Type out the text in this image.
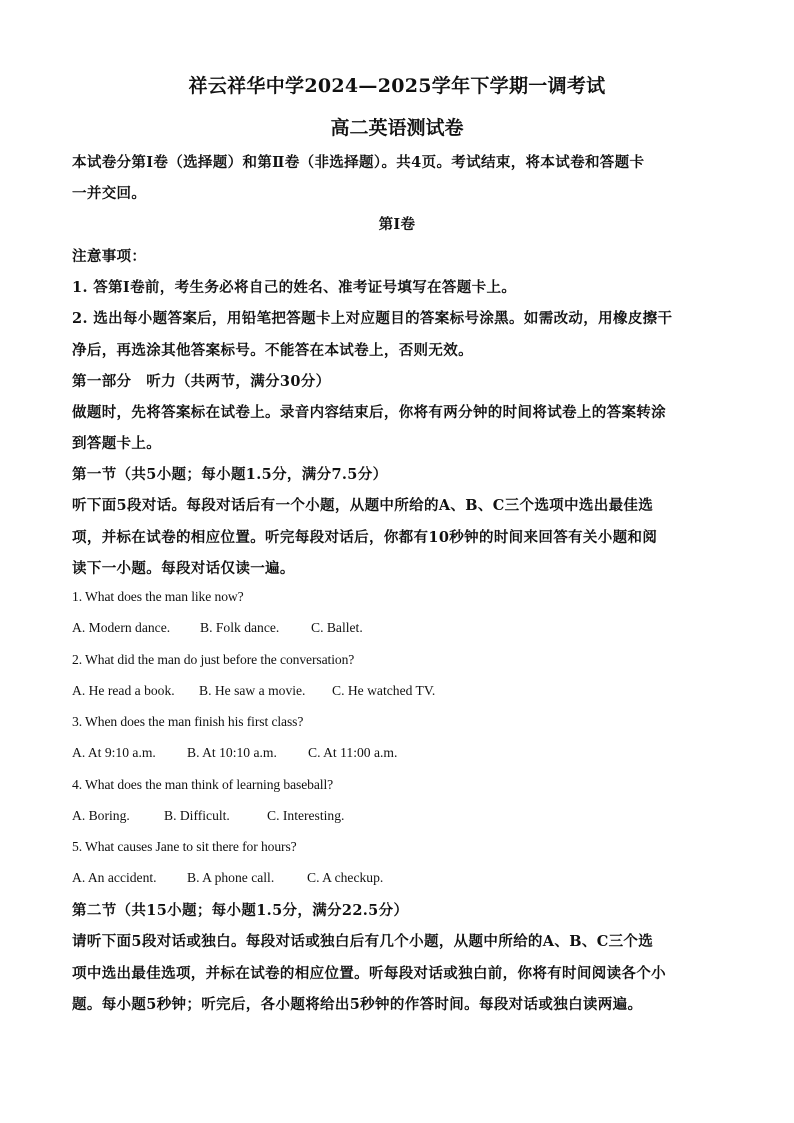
祥云祥华中学2024—2025学年下学期一调考试
高二英语测试卷
本试卷分第Ⅰ卷（选择题）和第Ⅱ卷（非选择题）。共4页。考试结束，将本试卷和答题卡
一并交回。
第Ⅰ卷
注意事项：
1. 答第Ⅰ卷前，考生务必将自己的姓名、准考证号填写在答题卡上。
2. 选出每小题答案后，用铅笔把答题卡上对应题目的答案标号涂黑。如需改动，用橡皮擦干
净后，再选涂其他答案标号。不能答在本试卷上，否则无效。
第一部分　听力（共两节，满分30分）
做题时，先将答案标在试卷上。录音内容结束后，你将有两分钟的时间将试卷上的答案转涂
到答题卡上。
第一节（共5小题；每小题1.5分，满分7.5分）
听下面5段对话。每段对话后有一个小题，从题中所给的A、B、C三个选项中选出最佳选
项，并标在试卷的相应位置。听完每段对话后，你都有10秒钟的时间来回答有关小题和阅
读下一小题。每段对话仅读一遍。
1. What does the man like now?
A. Modern dance. B. Folk dance. C. Ballet.
2. What did the man do just before the conversation?
A. He read a book. B. He saw a movie. C. He watched TV.
3. When does the man finish his first class?
A. At 9:10 a.m. B. At 10:10 a.m. C. At 11:00 a.m.
4. What does the man think of learning baseball?
A. Boring.	B. Difficult.	C. Interesting.
5. What causes Jane to sit there for hours?
A. An accident. B. A phone call. C. A checkup.
第二节（共15小题；每小题1.5分，满分22.5分）
请听下面5段对话或独白。每段对话或独白后有几个小题，从题中所给的A、B、C三个选
项中选出最佳选项，并标在试卷的相应位置。听每段对话或独白前，你将有时间阅读各个小
题。每小题5秒钟；听完后，各小题将给出5秒钟的作答时间。每段对话或独白读两遍。
